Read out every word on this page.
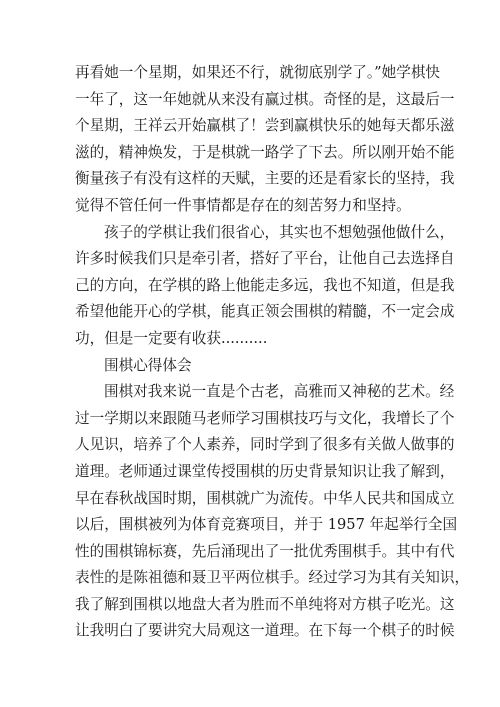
再看她一个星期，如果还不行，就彻底别学了。”她学棋快
一年了，这一年她就从来没有赢过棋。奇怪的是，这最后一
个星期，王祥云开始赢棋了！尝到赢棋快乐的她每天都乐滋
滋的，精神焕发，于是棋就一路学了下去。所以刚开始不能
衡量孩子有没有这样的天赋，主要的还是看家长的坚持，我
觉得不管任何一件事情都是存在的刻苦努力和坚持。
孩子的学棋让我们很省心，其实也不想勉强他做什么，
许多时候我们只是牵引者，搭好了平台，让他自己去选择自
己的方向，在学棋的路上他能走多远，我也不知道，但是我
希望他能开心的学棋，能真正领会围棋的精髓，不一定会成
功，但是一定要有收获..........
围棋心得体会
围棋对我来说一直是个古老，高雅而又神秘的艺术。经
过一学期以来跟随马老师学习围棋技巧与文化，我增长了个
人见识，培养了个人素养，同时学到了很多有关做人做事的
道理。老师通过课堂传授围棋的历史背景知识让我了解到，
早在春秋战国时期，围棋就广为流传。中华人民共和国成立
以后，围棋被列为体育竞赛项目，并于 1957 年起举行全国
性的围棋锦标赛，先后涌现出了一批优秀围棋手。其中有代
表性的是陈祖德和聂卫平两位棋手。经过学习为其有关知识，
我了解到围棋以地盘大者为胜而不单纯将对方棋子吃光。这
让我明白了要讲究大局观这一道理。在下每一个棋子的时候
